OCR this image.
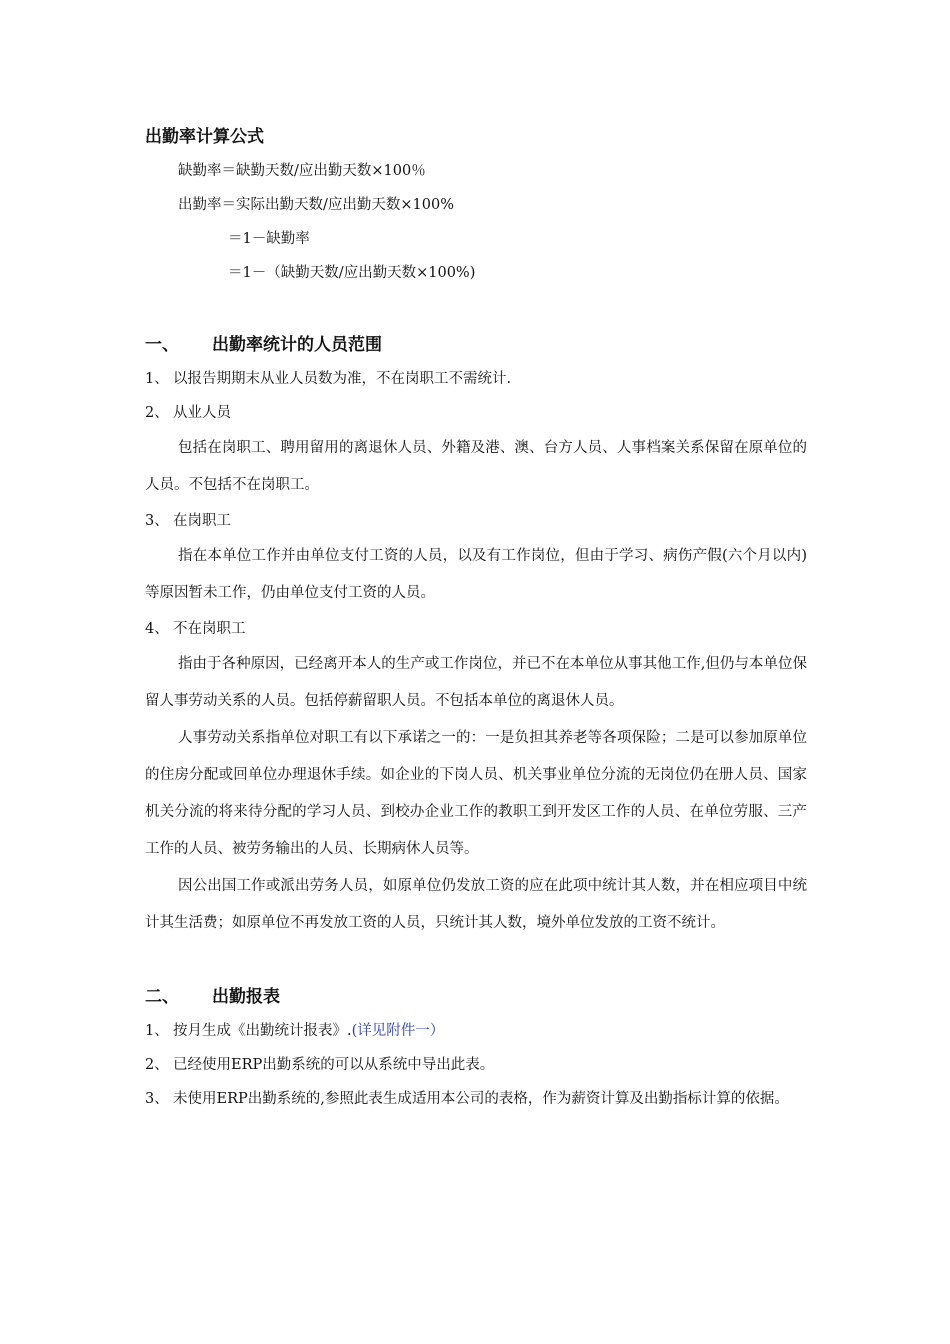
出勤率计算公式
缺勤率＝缺勤天数/应出勤天数×100％
出勤率＝实际出勤天数/应出勤天数×100%
＝1－缺勤率
＝1－（缺勤天数/应出勤天数×100%)
一、	出勤率统计的人员范围
1、 以报告期期末从业人员数为准，不在岗职工不需统计.
2、 从业人员
包括在岗职工、聘用留用的离退休人员、外籍及港、澳、台方人员、人事档案关系保留在原单位的人员。不包括不在岗职工。
3、 在岗职工
指在本单位工作并由单位支付工资的人员，以及有工作岗位，但由于学习、病伤产假(六个月以内)等原因暂未工作，仍由单位支付工资的人员。
4、 不在岗职工
指由于各种原因，已经离开本人的生产或工作岗位，并已不在本单位从事其他工作,但仍与本单位保留人事劳动关系的人员。包括停薪留职人员。不包括本单位的离退休人员。
人事劳动关系指单位对职工有以下承诺之一的：一是负担其养老等各项保险；二是可以参加原单位的住房分配或回单位办理退休手续。如企业的下岗人员、机关事业单位分流的无岗位仍在册人员、国家机关分流的将来待分配的学习人员、到校办企业工作的教职工到开发区工作的人员、在单位劳服、三产工作的人员、被劳务输出的人员、长期病休人员等。
因公出国工作或派出劳务人员，如原单位仍发放工资的应在此项中统计其人数，并在相应项目中统计其生活费；如原单位不再发放工资的人员，只统计其人数，境外单位发放的工资不统计。
二、	出勤报表
1、 按月生成《出勤统计报表》.(详见附件一）
2、 已经使用ERP出勤系统的可以从系统中导出此表。
3、 未使用ERP出勤系统的,参照此表生成适用本公司的表格，作为薪资计算及出勤指标计算的依据。
